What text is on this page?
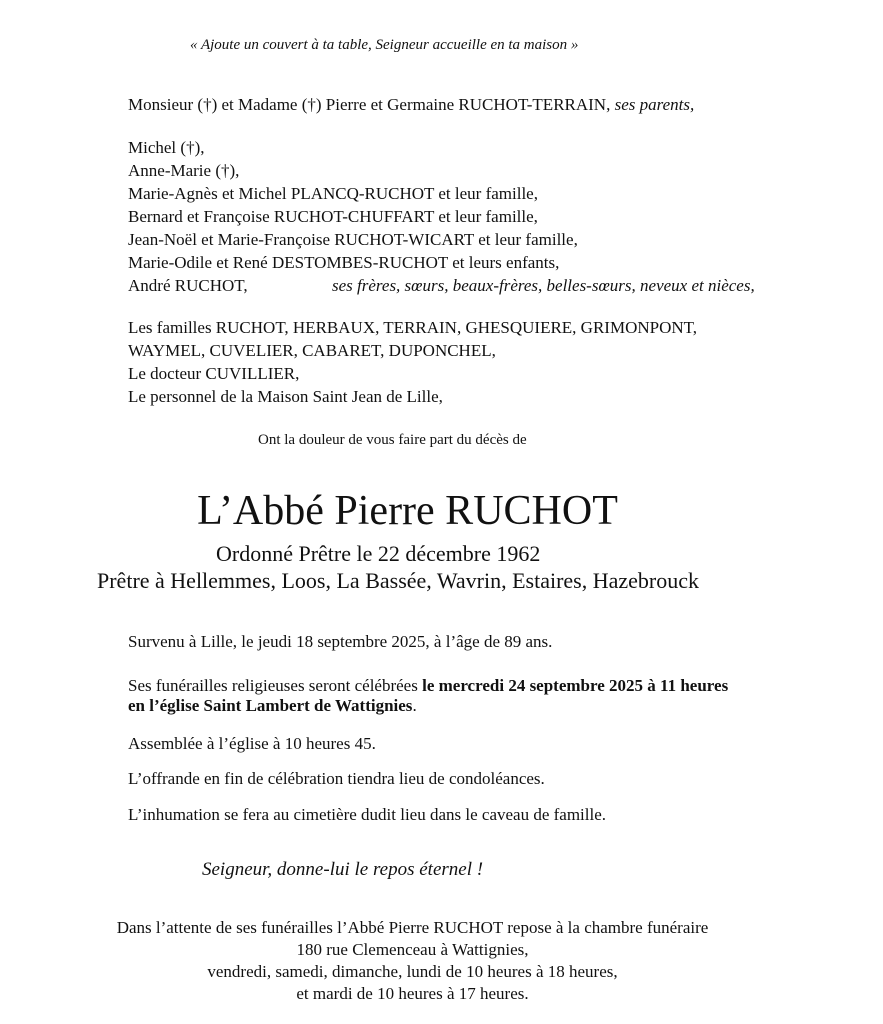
« Ajoute un couvert à ta table, Seigneur accueille en ta maison »
Monsieur (†) et Madame (†) Pierre et Germaine RUCHOT-TERRAIN, ses parents,
Michel (†),
Anne-Marie (†),
Marie-Agnès et Michel PLANCQ-RUCHOT et leur famille,
Bernard et Françoise RUCHOT-CHUFFART et leur famille,
Jean-Noël et Marie-Françoise RUCHOT-WICART et leur famille,
Marie-Odile et René DESTOMBES-RUCHOT et leurs enfants,
André RUCHOT,	ses frères, sœurs, beaux-frères, belles-sœurs, neveux et nièces,
Les familles RUCHOT, HERBAUX, TERRAIN, GHESQUIERE, GRIMONPONT,
WAYMEL, CUVELIER, CABARET, DUPONCHEL,
Le docteur CUVILLIER,
Le personnel de la Maison Saint Jean de Lille,
Ont la douleur de vous faire part du décès de
L’Abbé Pierre RUCHOT
Ordonné Prêtre le 22 décembre 1962
Prêtre à Hellemmes, Loos, La Bassée, Wavrin, Estaires, Hazebrouck
Survenu à Lille, le jeudi 18 septembre 2025, à l’âge de 89 ans.
Ses funérailles religieuses seront célébrées le mercredi 24 septembre 2025 à 11 heures
en l’église Saint Lambert de Wattignies.
Assemblée à l’église à 10 heures 45.
L’offrande en fin de célébration tiendra lieu de condoléances.
L’inhumation se fera au cimetière dudit lieu dans le caveau de famille.
Seigneur, donne-lui le repos éternel !
Dans l’attente de ses funérailles l’Abbé Pierre RUCHOT repose à la chambre funéraire
180 rue Clemenceau à Wattignies,
vendredi, samedi, dimanche, lundi de 10 heures à 18 heures,
et mardi de 10 heures à 17 heures.
